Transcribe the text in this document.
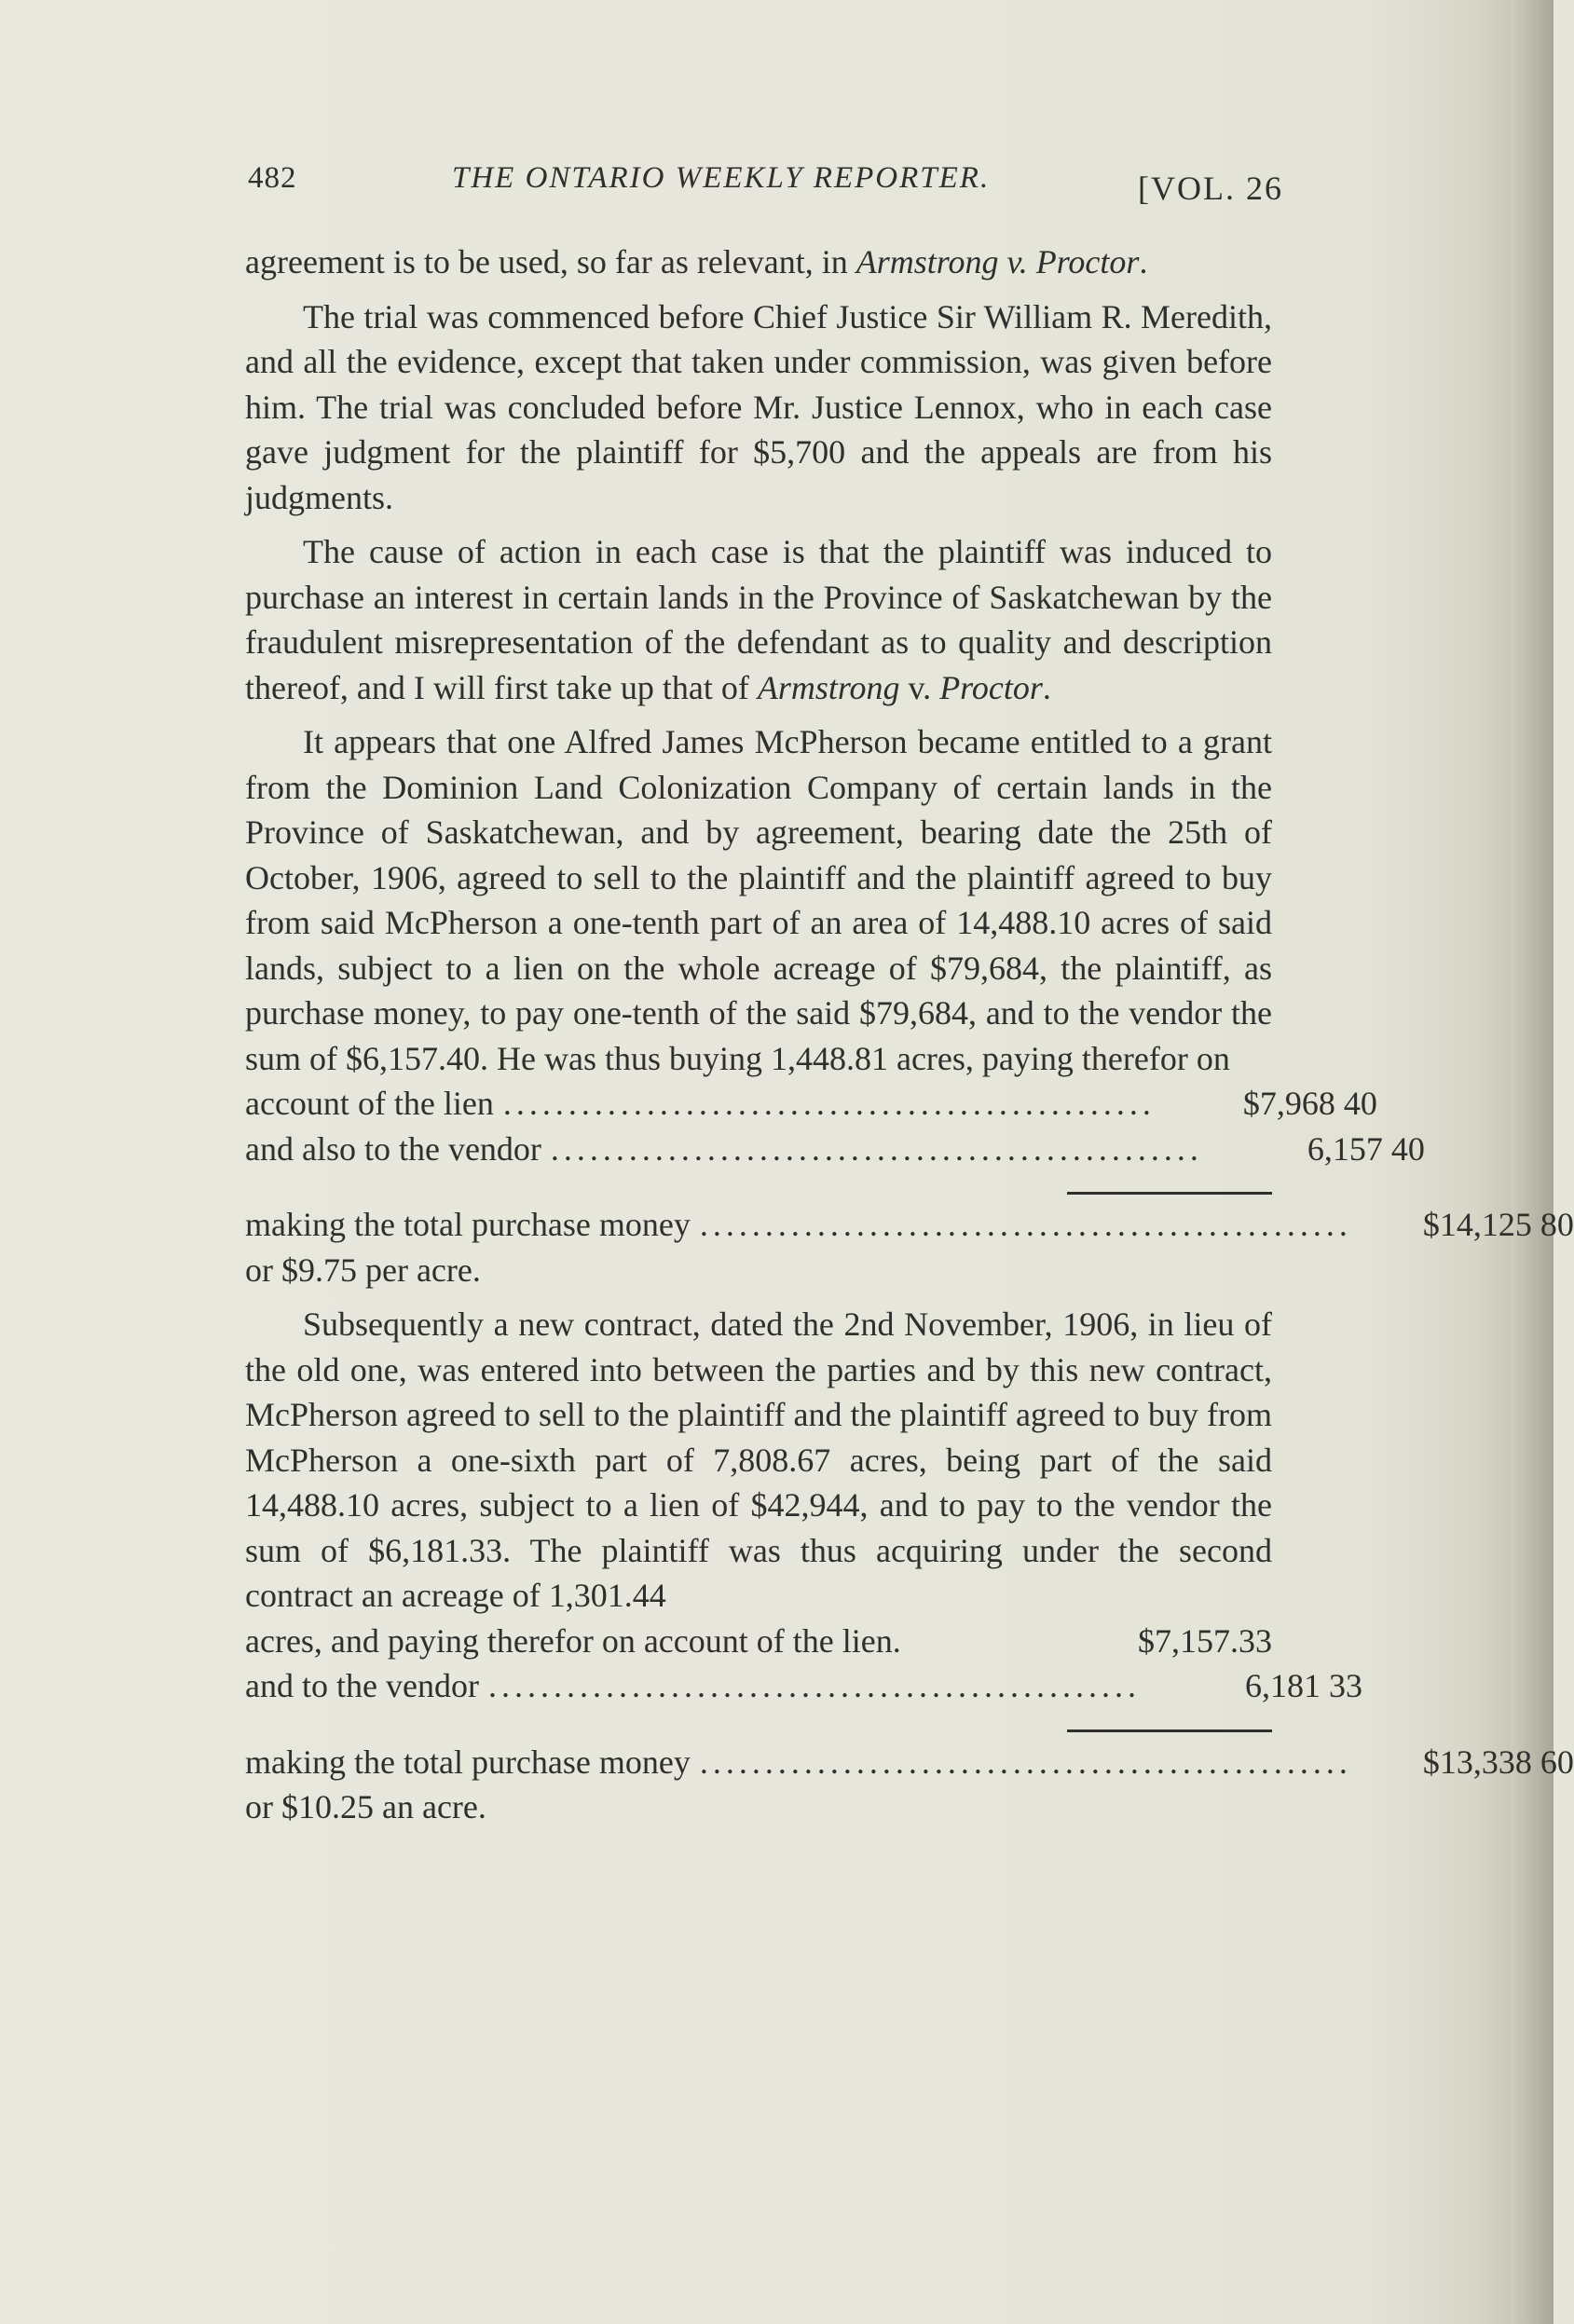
482	THE ONTARIO WEEKLY REPORTER.	[VOL. 26

agreement is to be used, so far as relevant, in Armstrong v. Proctor.

The trial was commenced before Chief Justice Sir William R. Meredith, and all the evidence, except that taken under commission, was given before him. The trial was concluded before Mr. Justice Lennox, who in each case gave judgment for the plaintiff for $5,700 and the appeals are from his judgments.

The cause of action in each case is that the plaintiff was induced to purchase an interest in certain lands in the Province of Saskatchewan by the fraudulent misrepresentation of the defendant as to quality and description thereof, and I will first take up that of Armstrong v. Proctor.

It appears that one Alfred James McPherson became entitled to a grant from the Dominion Land Colonization Company of certain lands in the Province of Saskatchewan, and by agreement, bearing date the 25th of October, 1906, agreed to sell to the plaintiff and the plaintiff agreed to buy from said McPherson a one-tenth part of an area of 14,488.10 acres of said lands, subject to a lien on the whole acreage of $79,684, the plaintiff, as purchase money, to pay one-tenth of the said $79,684, and to the vendor the sum of $6,157.40. He was thus buying 1,448.81 acres, paying therefor on

account of the lien ..................................................	$7,968 40
and also to the vendor ..................................................	6,157 40
making the total purchase money ..................................................	$14,125 80

or $9.75 per acre.

Subsequently a new contract, dated the 2nd November, 1906, in lieu of the old one, was entered into between the parties and by this new contract, McPherson agreed to sell to the plaintiff and the plaintiff agreed to buy from McPherson a one-sixth part of 7,808.67 acres, being part of the said 14,488.10 acres, subject to a lien of $42,944, and to pay to the vendor the sum of $6,181.33. The plaintiff was thus acquiring under the second contract an acreage of 1,301.44

acres, and paying therefor on account of the lien.	$7,157.33
and to the vendor ..................................................	6,181 33
making the total purchase money ..................................................	$13,338 60

or $10.25 an acre.
